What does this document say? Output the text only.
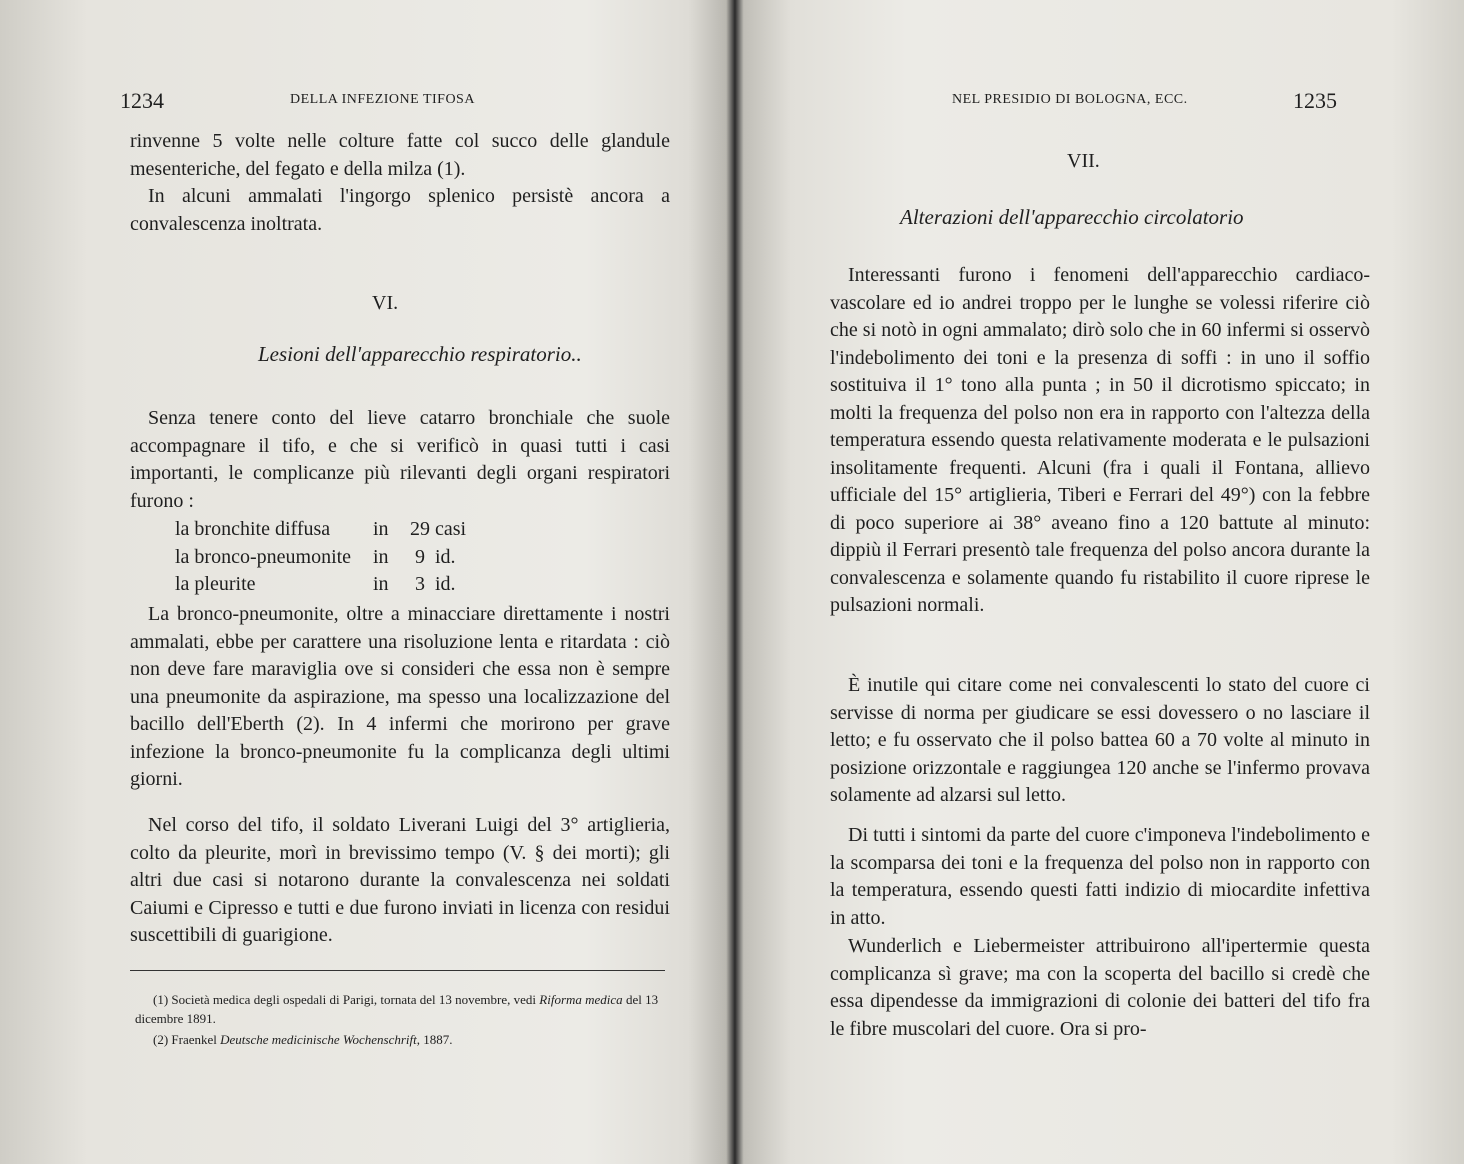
1234	DELLA INFEZIONE TIFOSA

rinvenne 5 volte nelle colture fatte col succo delle glandule mesenteriche, del fegato e della milza (1).

In alcuni ammalati l'ingorgo splenico persistè ancora a convalescenza inoltrata.

VI.
Lesioni dell'apparecchio respiratorio..

Senza tenere conto del lieve catarro bronchiale che suole accompagnare il tifo, e che si verificò in quasi tutti i casi importanti, le complicanze più rilevanti degli organi respiratori furono :

la bronchite diffusa	in	29 casi
la bronco-pneumonite	in	9 id.
la pleurite	in	3 id.

La bronco-pneumonite, oltre a minacciare direttamente i nostri ammalati, ebbe per carattere una risoluzione lenta e ritardata : ciò non deve fare maraviglia ove si consideri che essa non è sempre una pneumonite da aspirazione, ma spesso una localizzazione del bacillo dell'Eberth (2). In 4 infermi che morirono per grave infezione la bronco-pneumonite fu la complicanza degli ultimi giorni.

Nel corso del tifo, il soldato Liverani Luigi del 3° artiglieria, colto da pleurite, morì in brevissimo tempo (V. § dei morti); gli altri due casi si notarono durante la convalescenza nei soldati Caiumi e Cipresso e tutti e due furono inviati in licenza con residui suscettibili di guarigione.

(1) Società medica degli ospedali di Parigi, tornata del 13 novembre, vedi Riforma medica del 13 dicembre 1891.

(2) Fraenkel Deutsche medicinische Wochenschrift, 1887.

NEL PRESIDIO DI BOLOGNA, ECC.	1235
VII.
Alterazioni dell'apparecchio circolatorio

Interessanti furono i fenomeni dell'apparecchio cardiaco-vascolare ed io andrei troppo per le lunghe se volessi riferire ciò che si notò in ogni ammalato; dirò solo che in 60 infermi si osservò l'indebolimento dei toni e la presenza di soffi : in uno il soffio sostituiva il 1° tono alla punta ; in 50 il dicrotismo spiccato; in molti la frequenza del polso non era in rapporto con l'altezza della temperatura essendo questa relativamente moderata e le pulsazioni insolitamente frequenti. Alcuni (fra i quali il Fontana, allievo ufficiale del 15° artiglieria, Tiberi e Ferrari del 49°) con la febbre di poco superiore ai 38° aveano fino a 120 battute al minuto: dippiù il Ferrari presentò tale frequenza del polso ancora durante la convalescenza e solamente quando fu ristabilito il cuore riprese le pulsazioni normali.

È inutile qui citare come nei convalescenti lo stato del cuore ci servisse di norma per giudicare se essi dovessero o no lasciare il letto; e fu osservato che il polso battea 60 a 70 volte al minuto in posizione orizzontale e raggiungea 120 anche se l'infermo provava solamente ad alzarsi sul letto.

Di tutti i sintomi da parte del cuore c'imponeva l'indebolimento e la scomparsa dei toni e la frequenza del polso non in rapporto con la temperatura, essendo questi fatti indizio di miocardite infettiva in atto.

Wunderlich e Liebermeister attribuirono all'ipertermie questa complicanza sì grave; ma con la scoperta del bacillo si credè che essa dipendesse da immigrazioni di colonie dei batteri del tifo fra le fibre muscolari del cuore. Ora si pro-
